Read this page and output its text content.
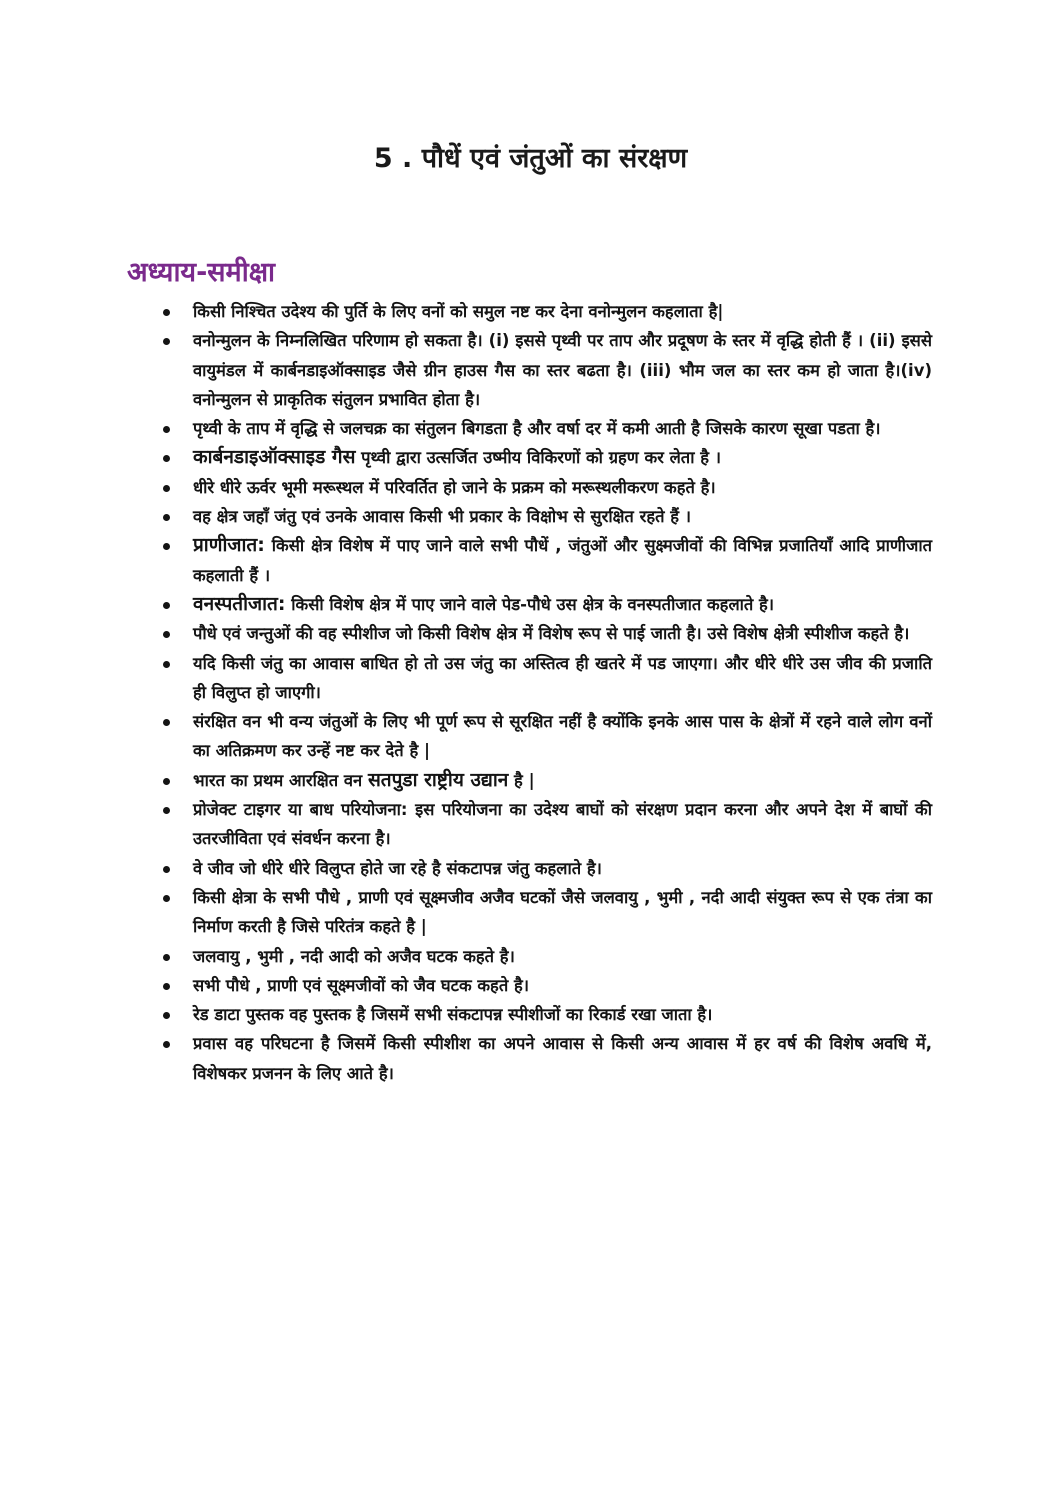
5 . पौधें एवं जंतुओं का संरक्षण
अध्याय-समीक्षा
किसी निश्चित उदेश्य की पुर्ति के लिए वनों को समुल नष्ट कर देना वनोन्मुलन कहलाता है|
वनोन्मुलन के निम्नलिखित परिणाम हो सकता है। (i) इससे पृथ्वी पर ताप और प्रदूषण के स्तर में वृद्धि होती हैं । (ii) इससे वायुमंडल में कार्बनडाइऑक्साइड जैसे ग्रीन हाउस गैस का स्तर बढता है। (iii) भौम जल का स्तर कम हो जाता है।(iv) वनोन्मुलन से प्राकृतिक संतुलन प्रभावित होता है।
पृथ्वी के ताप में वृद्धि से जलचक्र का संतुलन बिगडता है और वर्षा दर में कमी आती है जिसके कारण सूखा पडता है।
कार्बनडाइऑक्साइड गैस पृथ्वी द्वारा उत्सर्जित उष्मीय विकिरणों को ग्रहण कर लेता है ।
धीरे धीरे ऊर्वर भूमी मरूस्थल में परिवर्तित हो जाने के प्रक्रम को मरूस्थलीकरण कहते है।
वह क्षेत्र जहाँ जंतु एवं उनके आवास किसी भी प्रकार के विक्षोभ से सुरक्षित रहते हैं ।
प्राणीजात: किसी क्षेत्र विशेष में पाए जाने वाले सभी पौधें , जंतुओं और सुक्ष्मजीवों की विभिन्न प्रजातियाँ आदि प्राणीजात कहलाती हैं ।
वनस्पतीजात: किसी विशेष क्षेत्र में पाए जाने वाले पेड-पौधे उस क्षेत्र के वनस्पतीजात कहलाते है।
पौधे एवं जन्तुओं की वह स्पीशीज जो किसी विशेष क्षेत्र में विशेष रूप से पाई जाती है। उसे विशेष क्षेत्री स्पीशीज कहते है।
यदि किसी जंतु का आवास बाधित हो तो उस जंतु का अस्तित्व ही खतरे में पड जाएगा। और धीरे धीरे उस जीव की प्रजाति ही विलुप्त हो जाएगी।
संरक्षित वन भी वन्य जंतुओं के लिए भी पूर्ण रूप से सूरक्षित नहीं है क्योंकि इनके आस पास के क्षेत्रों में रहने वाले लोग वनों का अतिक्रमण कर उन्हें नष्ट कर देते है |
भारत का प्रथम आरक्षित वन सतपुडा राष्ट्रीय उद्यान है |
प्रोजेक्ट टाइगर या बाध परियोजना: इस परियोजना का उदेश्य बाघों को संरक्षण प्रदान करना और अपने देश में बाघों की उतरजीविता एवं संवर्धन करना है।
वे जीव जो धीरे धीरे विलुप्त होते जा रहे है संकटापन्न जंतु कहलाते है।
किसी क्षेत्रा के सभी पौधे , प्राणी एवं सूक्ष्मजीव अजैव घटकों जैसे जलवायु , भुमी , नदी आदी संयुक्त रूप से एक तंत्रा का निर्माण करती है जिसे परितंत्र कहते है |
जलवायु , भुमी , नदी आदी को अजैव घटक कहते है।
सभी पौधे , प्राणी एवं सूक्ष्मजीवों को जैव घटक कहते है।
रेड डाटा पुस्तक वह पुस्तक है जिसमें सभी संकटापन्न स्पीशीजों का रिकार्ड रखा जाता है।
प्रवास वह परिघटना है जिसमें किसी स्पीशीश का अपने आवास से किसी अन्य आवास में हर वर्ष की विशेष अवधि में, विशेषकर प्रजनन के लिए आते है।
